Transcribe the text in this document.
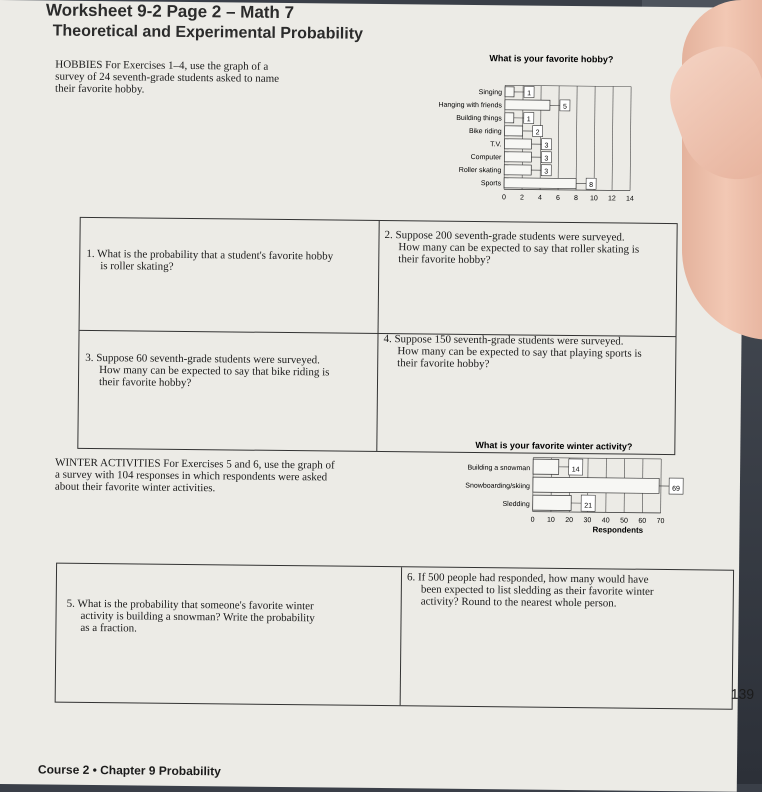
Worksheet 9-2 Page 2 – Math 7
Theoretical and Experimental Probability
HOBBIES For Exercises 1–4, use the graph of a
survey of 24 seventh-grade students asked to name
their favorite hobby.
What is your favorite hobby?
1
5
1
2
3
3
3
8
Singing
Hanging with friends
Building things
Bike riding
T.V.
Computer
Roller skating
Sports
0 2 4 6 8 10 12 14
1. What is the probability that a student's favorite hobby
is roller skating?
2. Suppose 200 seventh-grade students were surveyed.
How many can be expected to say that roller skating is
their favorite hobby?
3. Suppose 60 seventh-grade students were surveyed.
How many can be expected to say that bike riding is
their favorite hobby?
4. Suppose 150 seventh-grade students were surveyed.
How many can be expected to say that playing sports is
their favorite hobby?
WINTER ACTIVITIES For Exercises 5 and 6, use the graph of
a survey with 104 responses in which respondents were asked
about their favorite winter activities.
What is your favorite winter activity?
14
69
21
Building a snowman
Snowboarding/skiing
Sledding
0 10 20 30 40 50 60 70
Respondents
5. What is the probability that someone's favorite winter
activity is building a snowman? Write the probability
as a fraction.
6. If 500 people had responded, how many would have
been expected to list sledding as their favorite winter
activity? Round to the nearest whole person.
139
Course 2 • Chapter 9 Probability
